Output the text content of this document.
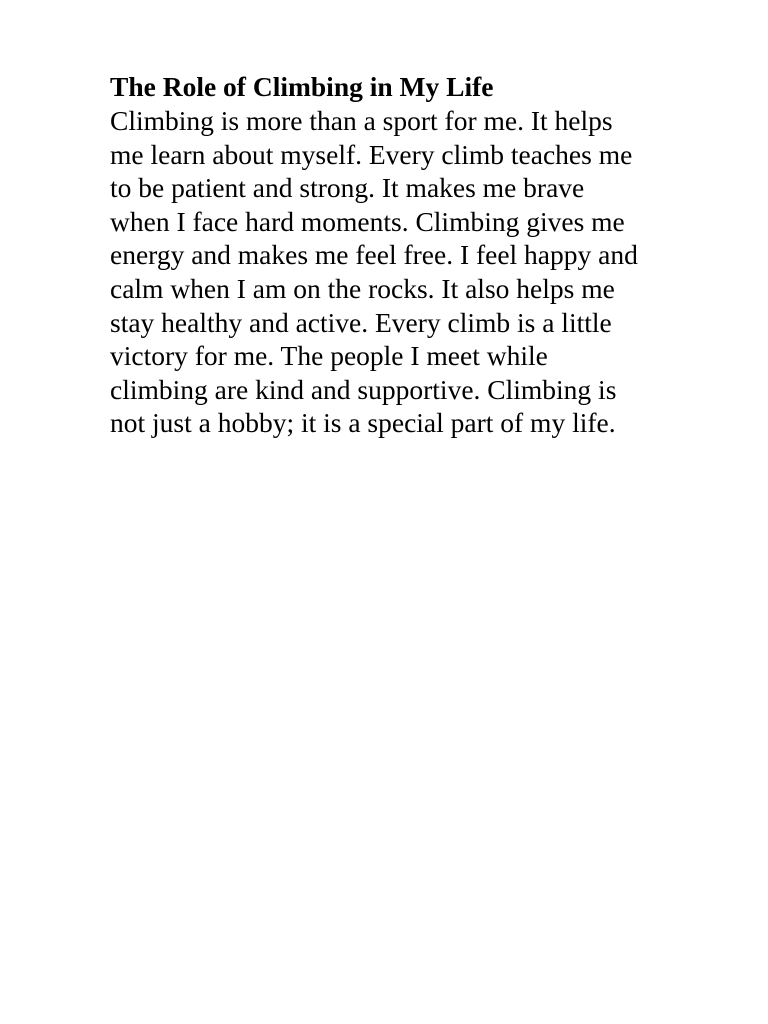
The Role of Climbing in My Life

Climbing is more than a sport for me. It helps

me learn about myself. Every climb teaches me

to be patient and strong. It makes me brave

when I face hard moments. Climbing gives me

energy and makes me feel free. I feel happy and

calm when I am on the rocks. It also helps me

stay healthy and active. Every climb is a little

victory for me. The people I meet while

climbing are kind and supportive. Climbing is

not just a hobby; it is a special part of my life.
